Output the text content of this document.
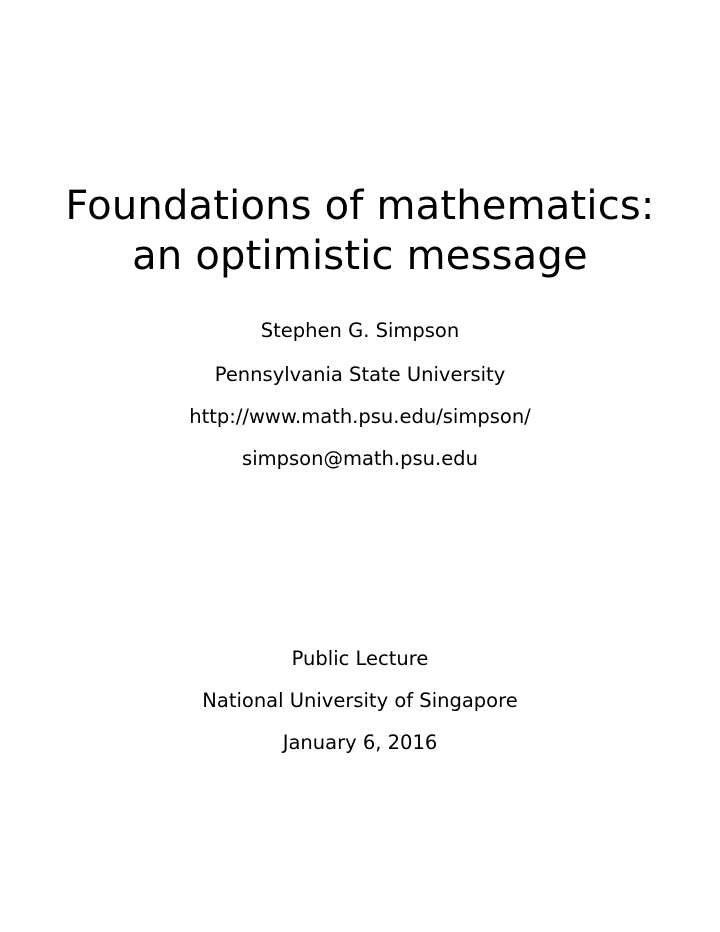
Foundations of mathematics:
an optimistic message
Stephen G. Simpson
Pennsylvania State University
http://www.math.psu.edu/simpson/
simpson@math.psu.edu
Public Lecture
National University of Singapore
January 6, 2016
